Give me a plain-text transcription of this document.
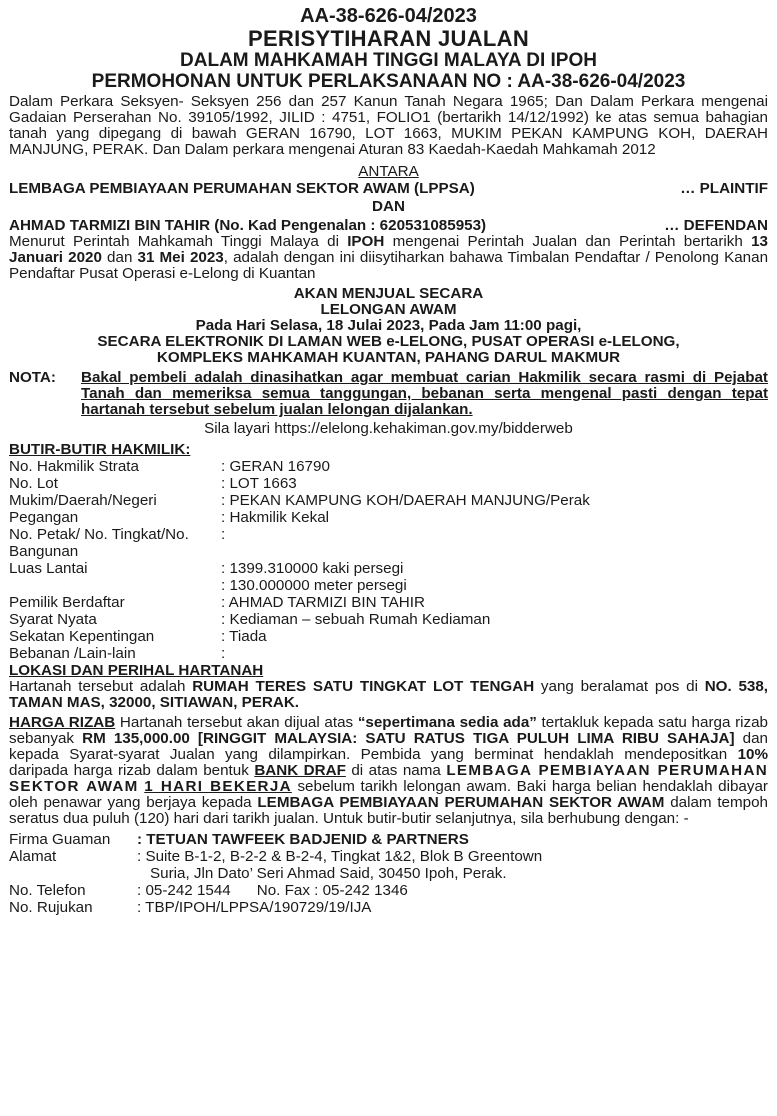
AA-38-626-04/2023
PERISYTIHARAN JUALAN
DALAM MAHKAMAH TINGGI MALAYA DI IPOH
PERMOHONAN UNTUK PERLAKSANAAN NO : AA-38-626-04/2023
Dalam Perkara Seksyen- Seksyen 256 dan 257 Kanun Tanah Negara 1965; Dan Dalam Perkara mengenai Gadaian Perserahan No. 39105/1992, JILID : 4751, FOLIO1 (bertarikh 14/12/1992) ke atas semua bahagian tanah yang dipegang di bawah GERAN 16790, LOT 1663, MUKIM PEKAN KAMPUNG KOH, DAERAH MANJUNG, PERAK. Dan Dalam perkara mengenai Aturan 83 Kaedah-Kaedah Mahkamah 2012
ANTARA
LEMBAGA PEMBIAYAAN PERUMAHAN SEKTOR AWAM (LPPSA)	… PLAINTIF
DAN
AHMAD TARMIZI BIN TAHIR (No. Kad Pengenalan : 620531085953)	… DEFENDAN
Menurut Perintah Mahkamah Tinggi Malaya di IPOH mengenai Perintah Jualan dan Perintah bertarikh 13 Januari 2020 dan 31 Mei 2023, adalah dengan ini diisytiharkan bahawa Timbalan Pendaftar / Penolong Kanan Pendaftar Pusat Operasi e-Lelong di Kuantan
AKAN MENJUAL SECARA
LELONGAN AWAM
Pada Hari Selasa, 18 Julai 2023, Pada Jam 11:00 pagi,
SECARA ELEKTRONIK DI LAMAN WEB e-LELONG, PUSAT OPERASI e-LELONG,
KOMPLEKS MAHKAMAH KUANTAN, PAHANG DARUL MAKMUR
NOTA:	Bakal pembeli adalah dinasihatkan agar membuat carian Hakmilik secara rasmi di Pejabat Tanah dan memeriksa semua tanggungan, bebanan serta mengenal pasti dengan tepat hartanah tersebut sebelum jualan lelongan dijalankan.
Sila layari https://elelong.kehakiman.gov.my/bidderweb
BUTIR-BUTIR HAKMILIK:
No. Hakmilik Strata	: GERAN 16790
No. Lot	: LOT 1663
Mukim/Daerah/Negeri	: PEKAN KAMPUNG KOH/DAERAH MANJUNG/Perak
Pegangan	: Hakmilik Kekal
No. Petak/ No. Tingkat/No. Bangunan
:
Luas Lantai	: 1399.310000 kaki persegi
: 130.000000 meter persegi
Pemilik Berdaftar	: AHMAD TARMIZI BIN TAHIR
Syarat Nyata	: Kediaman – sebuah Rumah Kediaman
Sekatan Kepentingan	: Tiada
Bebanan /Lain-lain	:
LOKASI DAN PERIHAL HARTANAH
Hartanah tersebut adalah RUMAH TERES SATU TINGKAT LOT TENGAH yang beralamat pos di NO. 538, TAMAN MAS, 32000, SITIAWAN, PERAK.
HARGA RIZAB Hartanah tersebut akan dijual atas “sepertimana sedia ada” tertakluk kepada satu harga rizab sebanyak RM 135,000.00 [RINGGIT MALAYSIA: SATU RATUS TIGA PULUH LIMA RIBU SAHAJA] dan kepada Syarat-syarat Jualan yang dilampirkan. Pembida yang berminat hendaklah mendepositkan 10% daripada harga rizab dalam bentuk BANK DRAF di atas nama LEMBAGA PEMBIAYAAN PERUMAHAN SEKTOR AWAM 1 HARI BEKERJA sebelum tarikh lelongan awam. Baki harga belian hendaklah dibayar oleh penawar yang berjaya kepada LEMBAGA PEMBIAYAAN PERUMAHAN SEKTOR AWAM dalam tempoh seratus dua puluh (120) hari dari tarikh jualan. Untuk butir-butir selanjutnya, sila berhubung dengan: -
Firma Guaman	: TETUAN TAWFEEK BADJENID & PARTNERS
Alamat	: Suite B-1-2, B-2-2 & B-2-4, Tingkat 1&2, Blok B Greentown
Suria, Jln Dato’ Seri Ahmad Said, 30450 Ipoh, Perak.
No. Telefon	: 05-242 1544 No. Fax : 05-242 1346
No. Rujukan	: TBP/IPOH/LPPSA/190729/19/IJA
